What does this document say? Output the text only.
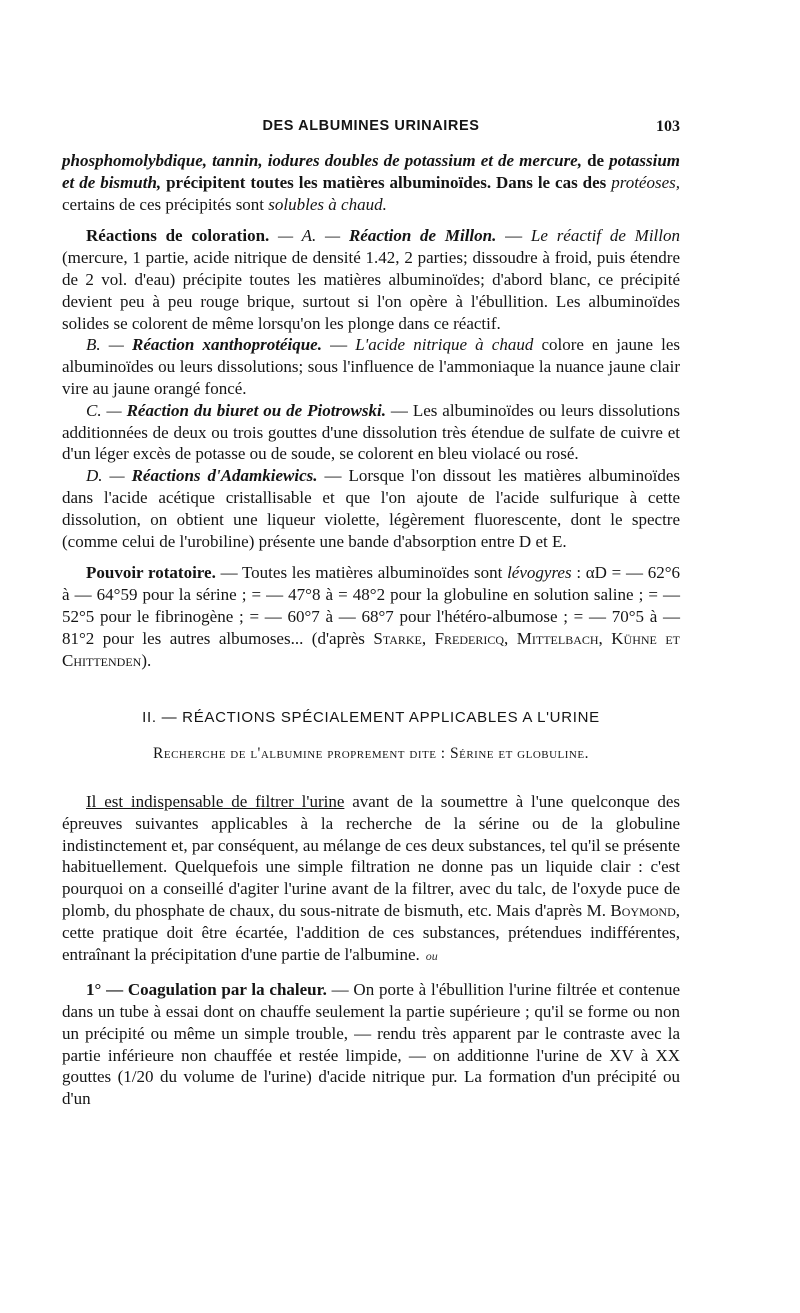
DES ALBUMINES URINAIRES	103

phosphomolybdique, tannin, iodures doubles de potassium et de mercure, de potassium et de bismuth, précipitent toutes les matières albuminoïdes. Dans le cas des protéoses, certains de ces précipités sont solubles à chaud.

Réactions de coloration. — A. — Réaction de Millon. — Le réactif de Millon (mercure, 1 partie, acide nitrique de densité 1.42, 2 parties; dissoudre à froid, puis étendre de 2 vol. d'eau) précipite toutes les matières albuminoïdes; d'abord blanc, ce précipité devient peu à peu rouge brique, surtout si l'on opère à l'ébullition. Les albuminoïdes solides se colorent de même lorsqu'on les plonge dans ce réactif.

B. — Réaction xanthoprotéique. — L'acide nitrique à chaud colore en jaune les albuminoïdes ou leurs dissolutions; sous l'influence de l'ammoniaque la nuance jaune clair vire au jaune orangé foncé.

C. — Réaction du biuret ou de Piotrowski. — Les albuminoïdes ou leurs dissolutions additionnées de deux ou trois gouttes d'une dissolution très étendue de sulfate de cuivre et d'un léger excès de potasse ou de soude, se colorent en bleu violacé ou rosé.

D. — Réactions d'Adamkiewics. — Lorsque l'on dissout les matières albuminoïdes dans l'acide acétique cristallisable et que l'on ajoute de l'acide sulfurique à cette dissolution, on obtient une liqueur violette, légèrement fluorescente, dont le spectre (comme celui de l'urobiline) présente une bande d'absorption entre D et E.

Pouvoir rotatoire. — Toutes les matières albuminoïdes sont lévogyres : αD = — 62°6 à — 64°59 pour la sérine ; = — 47°8 à = 48°2 pour la globuline en solution saline ; = — 52°5 pour le fibrinogène ; = — 60°7 à — 68°7 pour l'hétéro-albumose ; = — 70°5 à — 81°2 pour les autres albumoses... (d'après Starke, Fredericq, Mittelbach, Kühne et Chittenden).

II. — RÉACTIONS SPÉCIALEMENT APPLICABLES A L'URINE

Recherche de l'albumine proprement dite : Sérine et globuline.

Il est indispensable de filtrer l'urine avant de la soumettre à l'une quelconque des épreuves suivantes applicables à la recherche de la sérine ou de la globuline indistinctement et, par conséquent, au mélange de ces deux substances, tel qu'il se présente habituellement. Quelquefois une simple filtration ne donne pas un liquide clair : c'est pourquoi on a conseillé d'agiter l'urine avant de la filtrer, avec du talc, de l'oxyde puce de plomb, du phosphate de chaux, du sous-nitrate de bismuth, etc. Mais d'après M. Boymond, cette pratique doit être écartée, l'addition de ces substances, prétendues indifférentes, entraînant la précipitation d'une partie de l'albumine. ou

1° — Coagulation par la chaleur. — On porte à l'ébullition l'urine filtrée et contenue dans un tube à essai dont on chauffe seulement la partie supérieure ; qu'il se forme ou non un précipité ou même un simple trouble, — rendu très apparent par le contraste avec la partie inférieure non chauffée et restée limpide, — on additionne l'urine de XV à XX gouttes (1/20 du volume de l'urine) d'acide nitrique pur. La formation d'un précipité ou d'un
